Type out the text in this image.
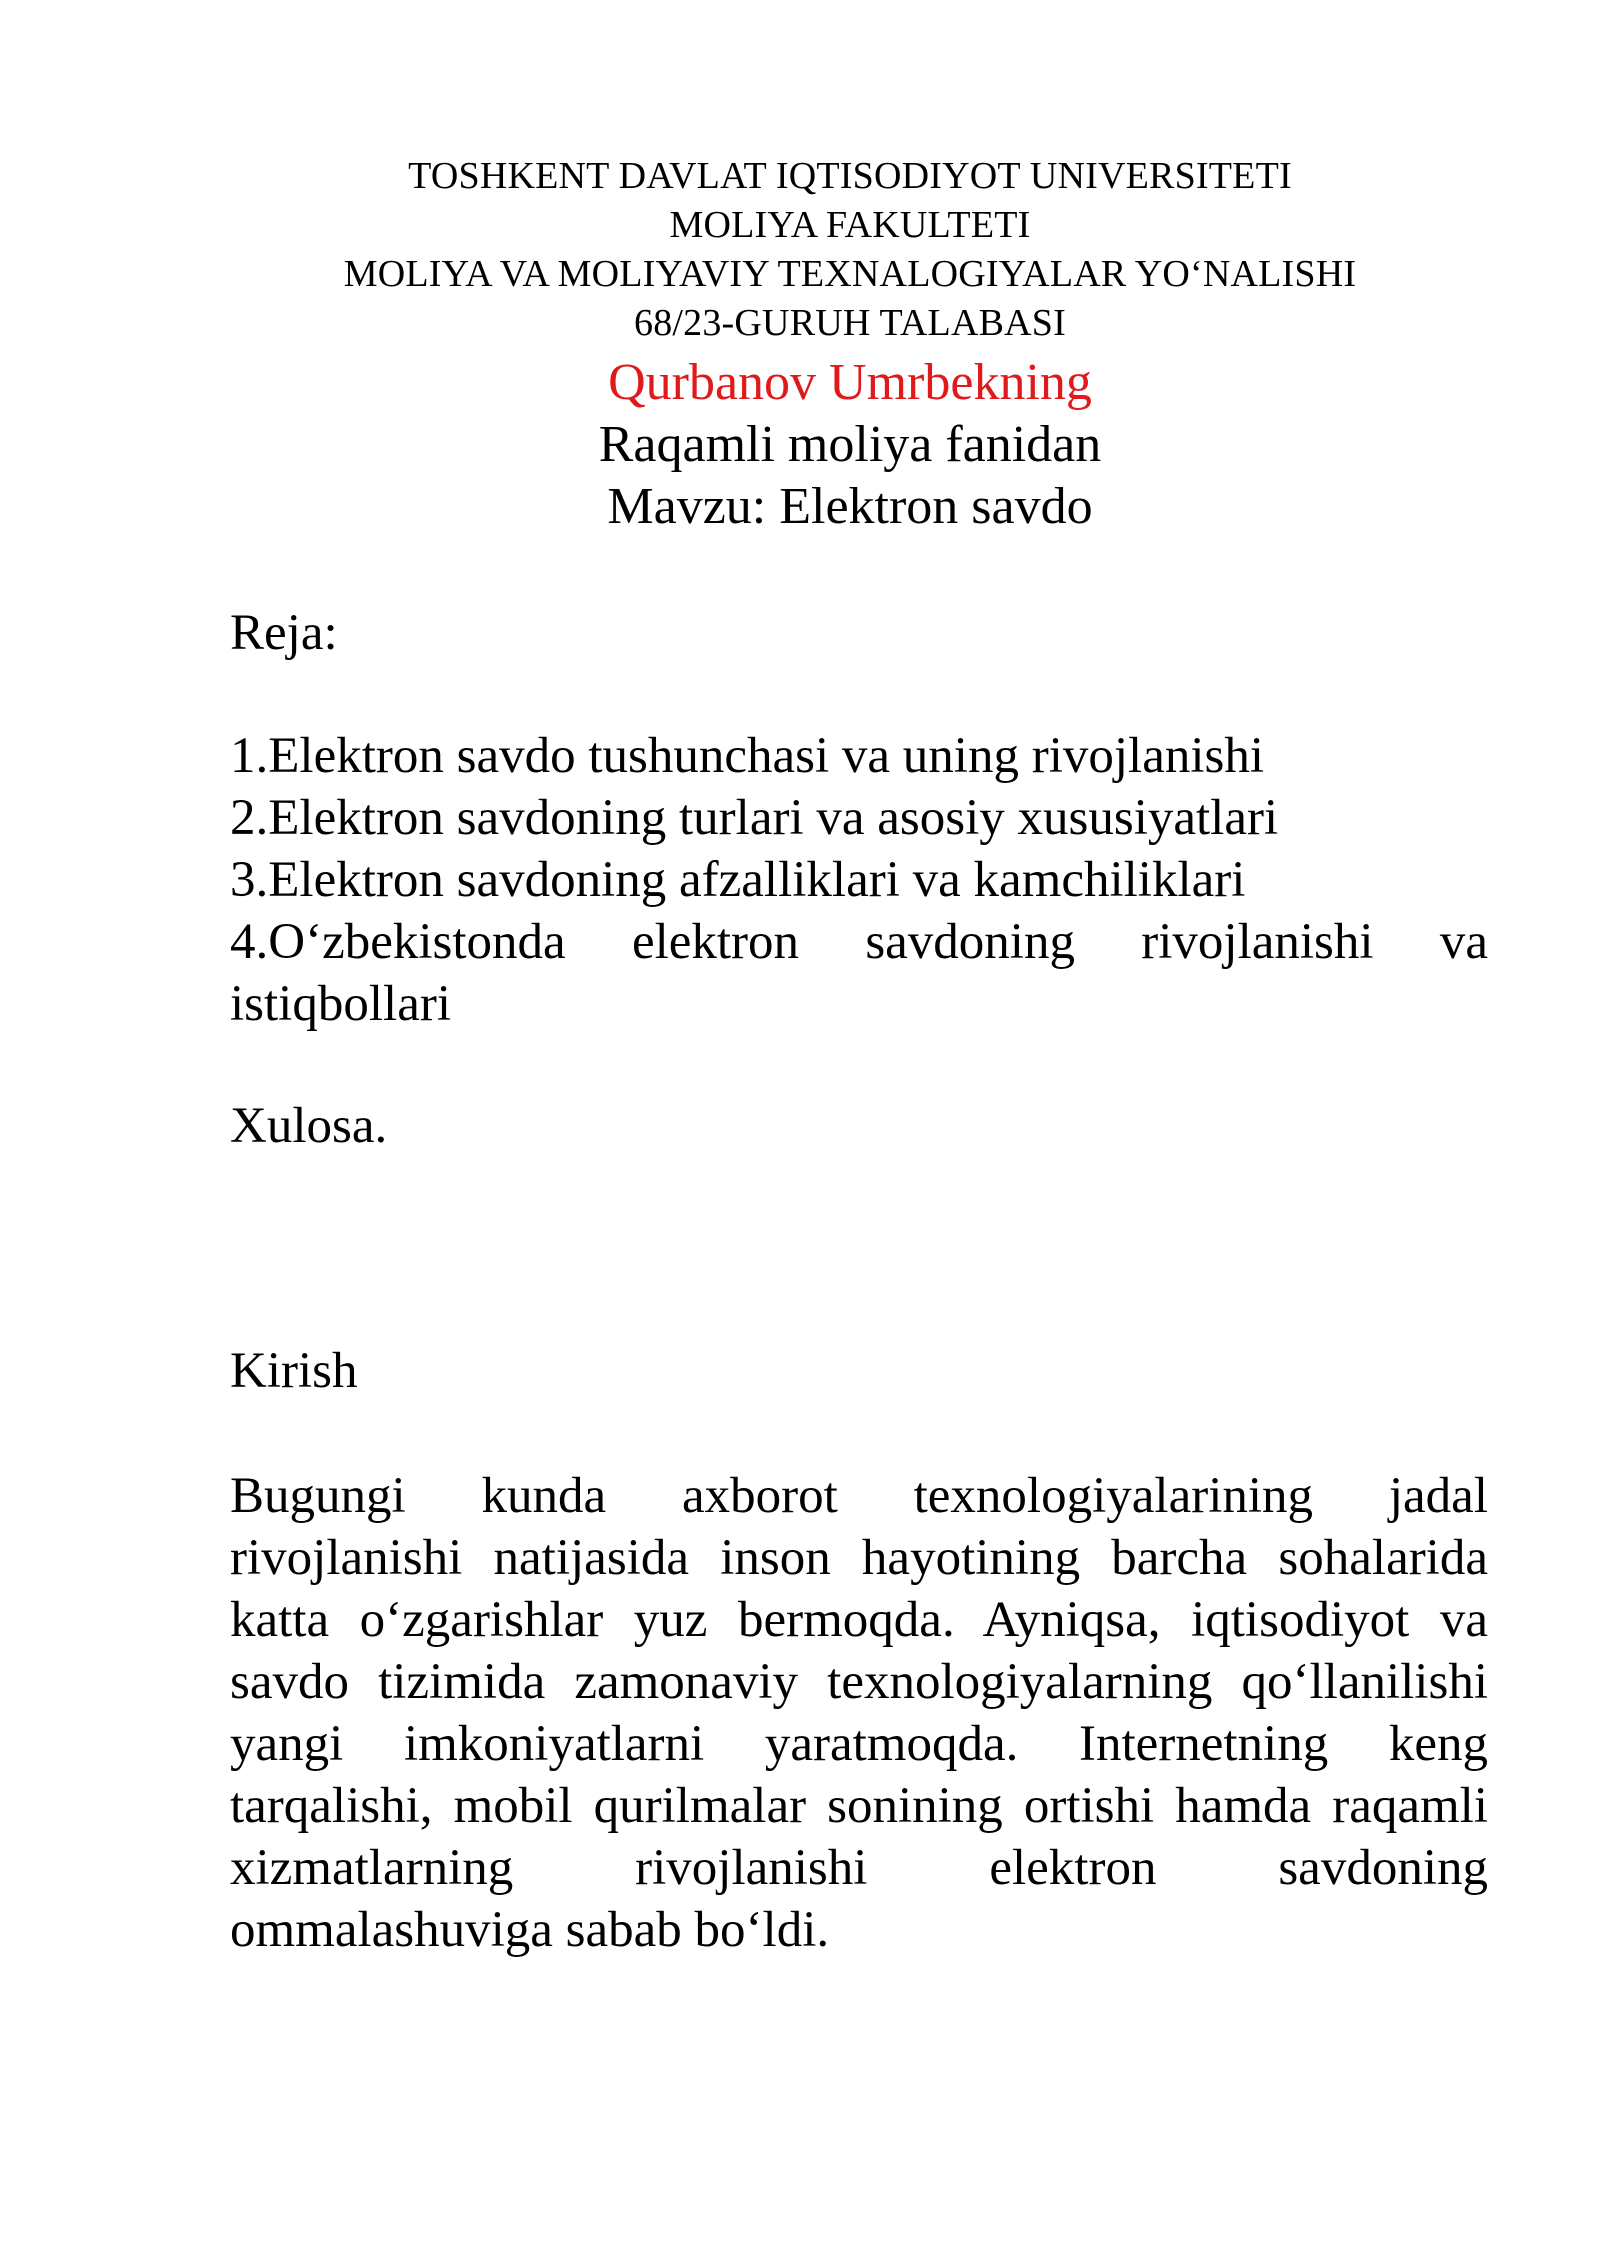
TOSHKENT DAVLAT IQTISODIYOT UNIVERSITETI
MOLIYA FAKULTETI
MOLIYA VA MOLIYAVIY TEXNALOGIYALAR YO‘NALISHI
68/23-GURUH TALABASI
Qurbanov Umrbekning
Raqamli moliya fanidan
Mavzu: Elektron savdo
Reja:
1.Elektron savdo tushunchasi va uning rivojlanishi
2.Elektron savdoning turlari va asosiy xususiyatlari
3.Elektron savdoning afzalliklari va kamchiliklari
4.O‘zbekistonda elektron savdoning rivojlanishi va istiqbollari
Xulosa.
Kirish
Bugungi kunda axborot texnologiyalarining jadal
rivojlanishi natijasida inson hayotining barcha sohalarida
katta o‘zgarishlar yuz bermoqda. Ayniqsa, iqtisodiyot va
savdo tizimida zamonaviy texnologiyalarning qo‘llanilishi
yangi imkoniyatlarni yaratmoqda. Internetning keng
tarqalishi, mobil qurilmalar sonining ortishi hamda raqamli
xizmatlarning rivojlanishi elektron savdoning
ommalashuviga sabab bo‘ldi.
